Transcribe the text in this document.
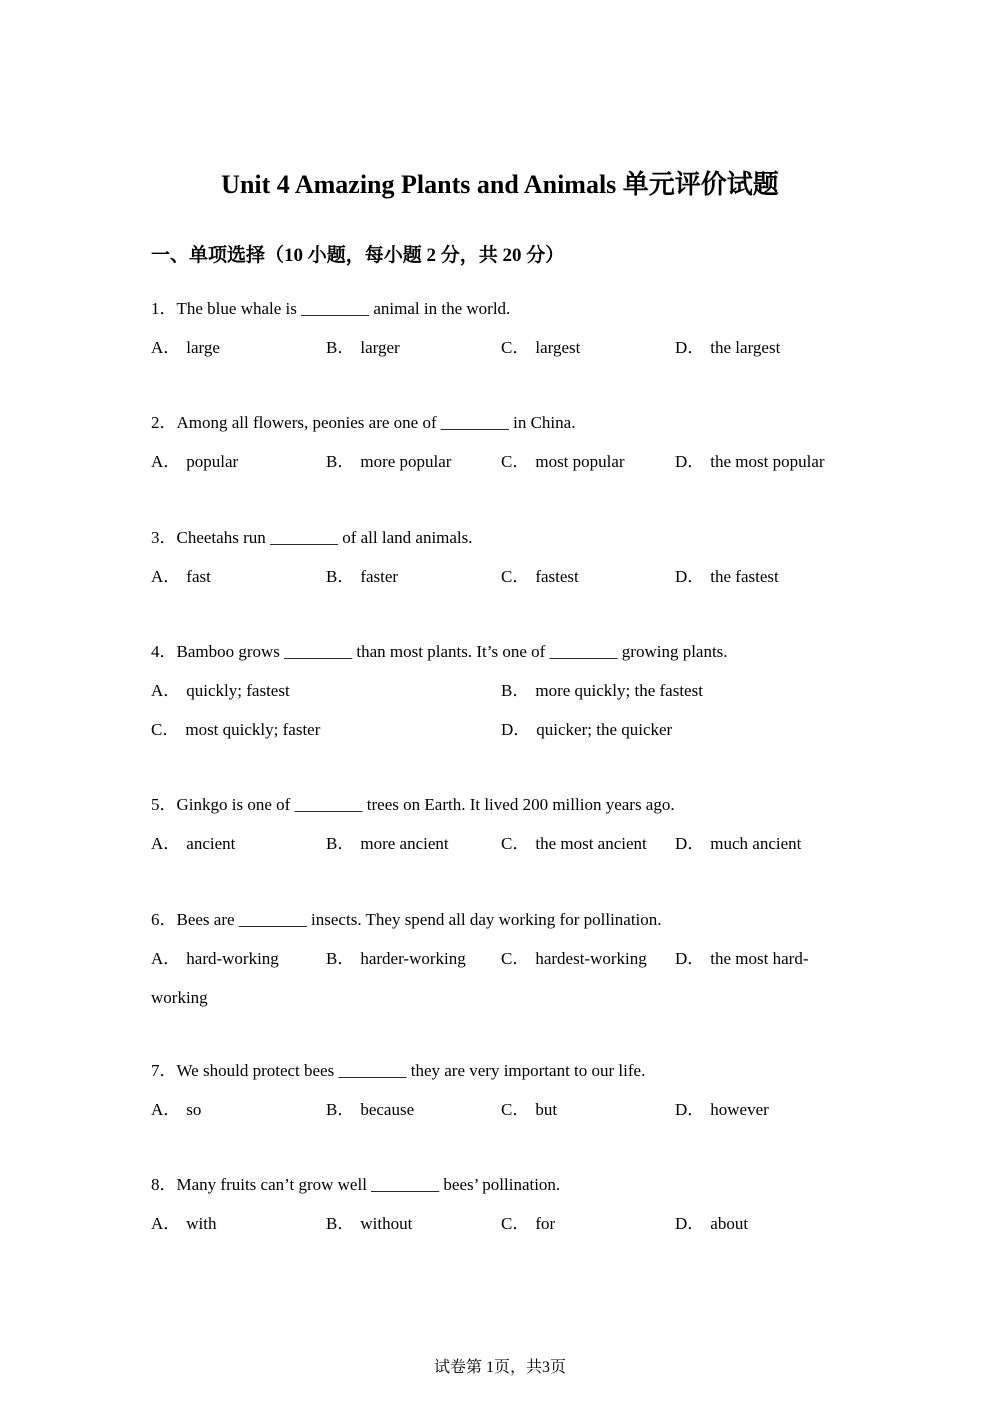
Unit 4 Amazing Plants and Animals 单元评价试题
一、单项选择（10 小题，每小题 2 分，共 20 分）
1．The blue whale is ________ animal in the world.
A． large	B． larger	C． largest	D． the largest
2．Among all flowers, peonies are one of ________ in China.
A． popular	B． more popular	C． most popular	D． the most popular
3．Cheetahs run ________ of all land animals.
A． fast	B． faster	C． fastest	D． the fastest
4．Bamboo grows ________ than most plants. It’s one of ________ growing plants.
A． quickly; fastest	B． more quickly; the fastest
C． most quickly; faster	D． quicker; the quicker
5．Ginkgo is one of ________ trees on Earth. It lived 200 million years ago.
A． ancient	B． more ancient	C． the most ancient D． much ancient
6．Bees are ________ insects. They spend all day working for pollination.
A． hard-working	B． harder-working C． hardest-working D． the most hard-
working
7．We should protect bees ________ they are very important to our life.
A． so	B． because	C． but	D． however
8．Many fruits can’t grow well ________ bees’ pollination.
A． with	B． without	C． for	D． about
试卷第 1页，共3页
